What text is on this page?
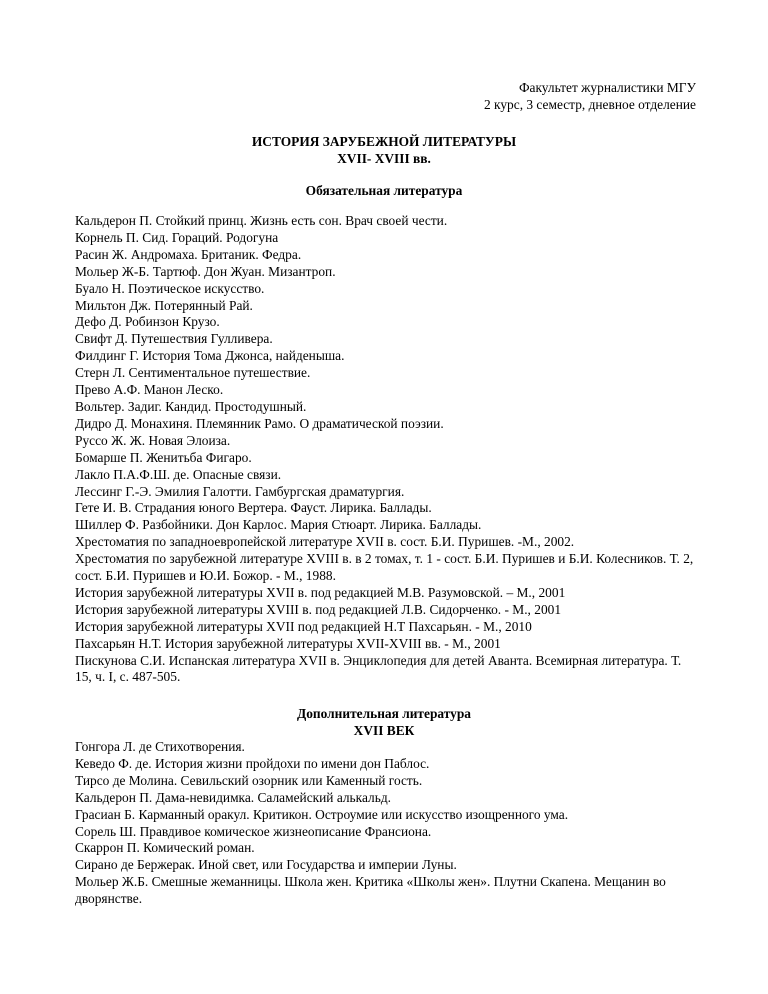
Факультет журналистики МГУ
2 курс, 3 семестр, дневное отделение
ИСТОРИЯ ЗАРУБЕЖНОЙ ЛИТЕРАТУРЫ
XVII- XVIII вв.
Обязательная литература
Кальдерон П. Стойкий принц. Жизнь есть сон. Врач своей чести.
Корнель П. Сид. Гораций. Родогуна
Расин Ж. Андромаха. Британик. Федра.
Мольер Ж-Б. Тартюф. Дон Жуан. Мизантроп.
Буало Н. Поэтическое искусство.
Мильтон Дж. Потерянный Рай.
Дефо Д. Робинзон Крузо.
Свифт Д. Путешествия Гулливера.
Филдинг Г. История Тома Джонса, найденыша.
Стерн Л. Сентиментальное путешествие.
Прево А.Ф. Манон Леско.
Вольтер. Задиг. Кандид. Простодушный.
Дидро Д. Монахиня. Племянник Рамо. О драматической поэзии.
Руссо Ж. Ж. Новая Элоиза.
Бомарше П. Женитьба Фигаро.
Лакло П.А.Ф.Ш. де. Опасные связи.
Лессинг Г.-Э. Эмилия Галотти. Гамбургская драматургия.
Гете И. В. Страдания юного Вертера. Фауст. Лирика. Баллады.
Шиллер Ф. Разбойники. Дон Карлос. Мария Стюарт. Лирика. Баллады.
Хрестоматия по западноевропейской литературе XVII в. сост. Б.И. Пуришев. -М., 2002.
Хрестоматия по зарубежной литературе XVIII в. в 2 томах, т. 1 - сост. Б.И. Пуришев и Б.И. Колесников. Т. 2, сост. Б.И. Пуришев и Ю.И. Божор. - М., 1988.
История зарубежной литературы XVII в. под редакцией М.В. Разумовской. – М., 2001
История зарубежной литературы XVIII в. под редакцией Л.В. Сидорченко. - М., 2001
История зарубежной литературы XVII под редакцией Н.Т Пахсарьян. - М., 2010
Пахсарьян Н.Т. История зарубежной литературы XVII-XVIII вв. - М., 2001
Пискунова С.И. Испанская литература XVII в. Энциклопедия для детей Аванта. Всемирная литература. Т. 15, ч. I, с. 487-505.
Дополнительная литература
XVII ВЕК
Гонгора Л. де Стихотворения.
Кеведо Ф. де. История жизни пройдохи по имени дон Паблос.
Тирсо де Молина. Севильский озорник или Каменный гость.
Кальдерон П. Дама-невидимка. Саламейский алькальд.
Грасиан Б. Карманный оракул. Критикон. Остроумие или искусство изощренного ума.
Сорель Ш. Правдивое комическое жизнеописание Франсиона.
Скаррон П. Комический роман.
Сирано де Бержерак. Иной свет, или Государства и империи Луны.
Мольер Ж.Б. Смешные жеманницы. Школа жен. Критика «Школы жен». Плутни Скапена. Мещанин во дворянстве.
